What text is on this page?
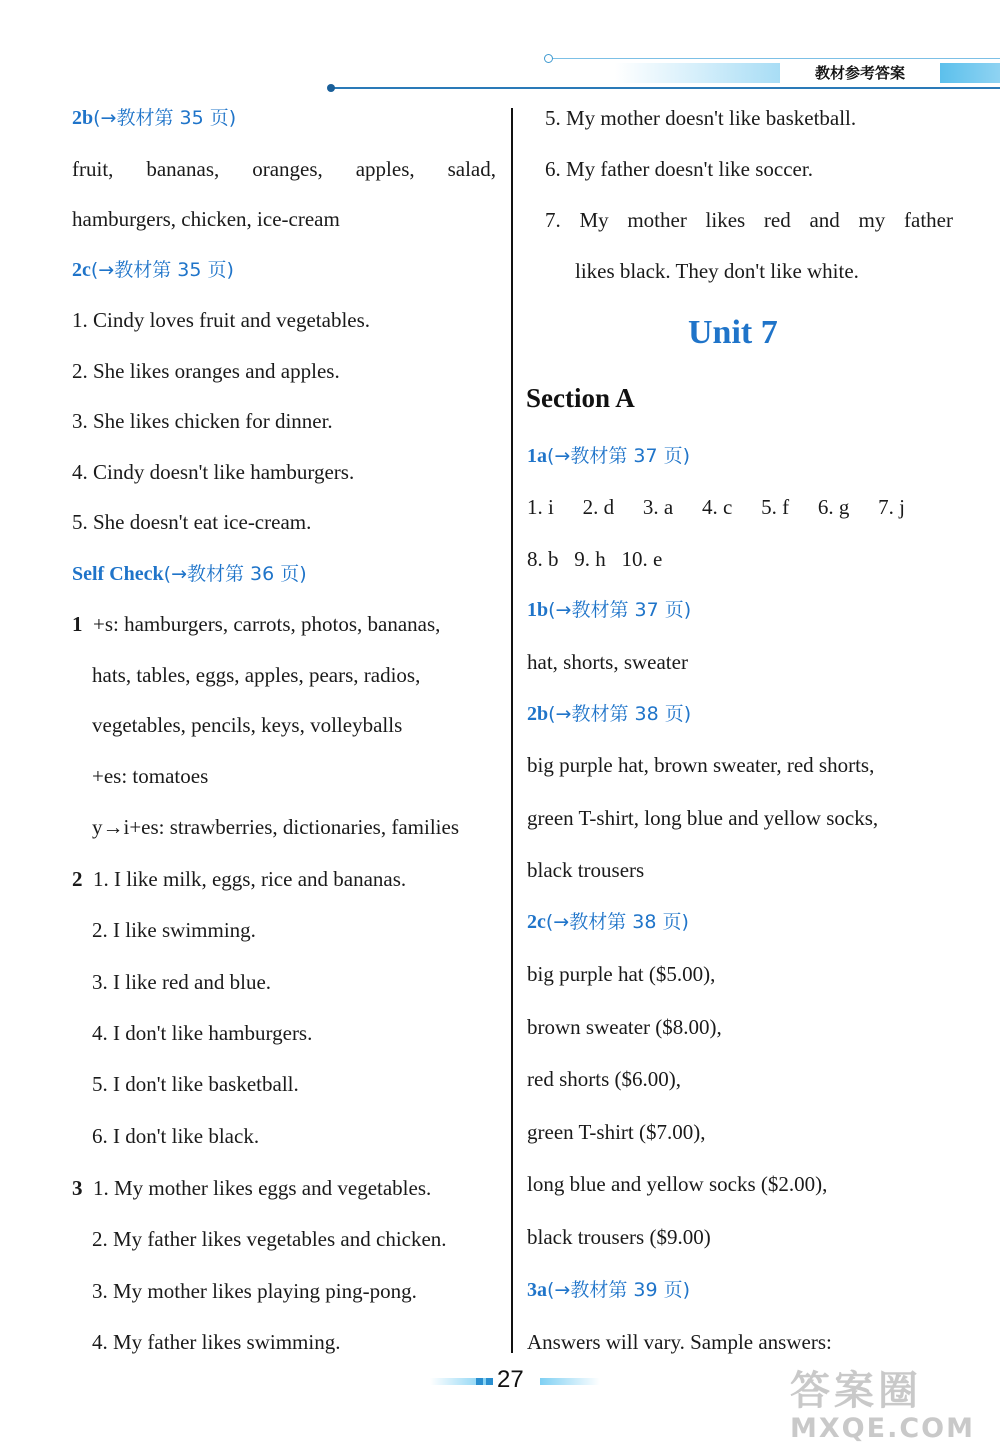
教材参考答案
2b(→教材第 35 页)
fruit, bananas, oranges, apples, salad,
hamburgers, chicken, ice-cream
2c(→教材第 35 页)
1. Cindy loves fruit and vegetables.
2. She likes oranges and apples.
3. She likes chicken for dinner.
4. Cindy doesn't like hamburgers.
5. She doesn't eat ice-cream.
Self Check(→教材第 36 页)
1 +s: hamburgers, carrots, photos, bananas,
hats, tables, eggs, apples, pears, radios,
vegetables, pencils, keys, volleyballs
+es: tomatoes
y→i+es: strawberries, dictionaries, families
2 1. I like milk, eggs, rice and bananas.
2. I like swimming.
3. I like red and blue.
4. I don't like hamburgers.
5. I don't like basketball.
6. I don't like black.
3 1. My mother likes eggs and vegetables.
2. My father likes vegetables and chicken.
3. My mother likes playing ping-pong.
4. My father likes swimming.
5. My mother doesn't like basketball.
6. My father doesn't like soccer.
7. My mother likes red and my father
likes black. They don't like white.
Unit 7
Section A
1a(→教材第 37 页)
1. i 2. d 3. a 4. c 5. f 6. g 7. j
8. b   9. h   10. e
1b(→教材第 37 页)
hat, shorts, sweater
2b(→教材第 38 页)
big purple hat, brown sweater, red shorts,
green T-shirt, long blue and yellow socks,
black trousers
2c(→教材第 38 页)
big purple hat ($5.00),
brown sweater ($8.00),
red shorts ($6.00),
green T-shirt ($7.00),
long blue and yellow socks ($2.00),
black trousers ($9.00)
3a(→教材第 39 页)
Answers will vary. Sample answers:
27	答案圈
MXQE.COM
